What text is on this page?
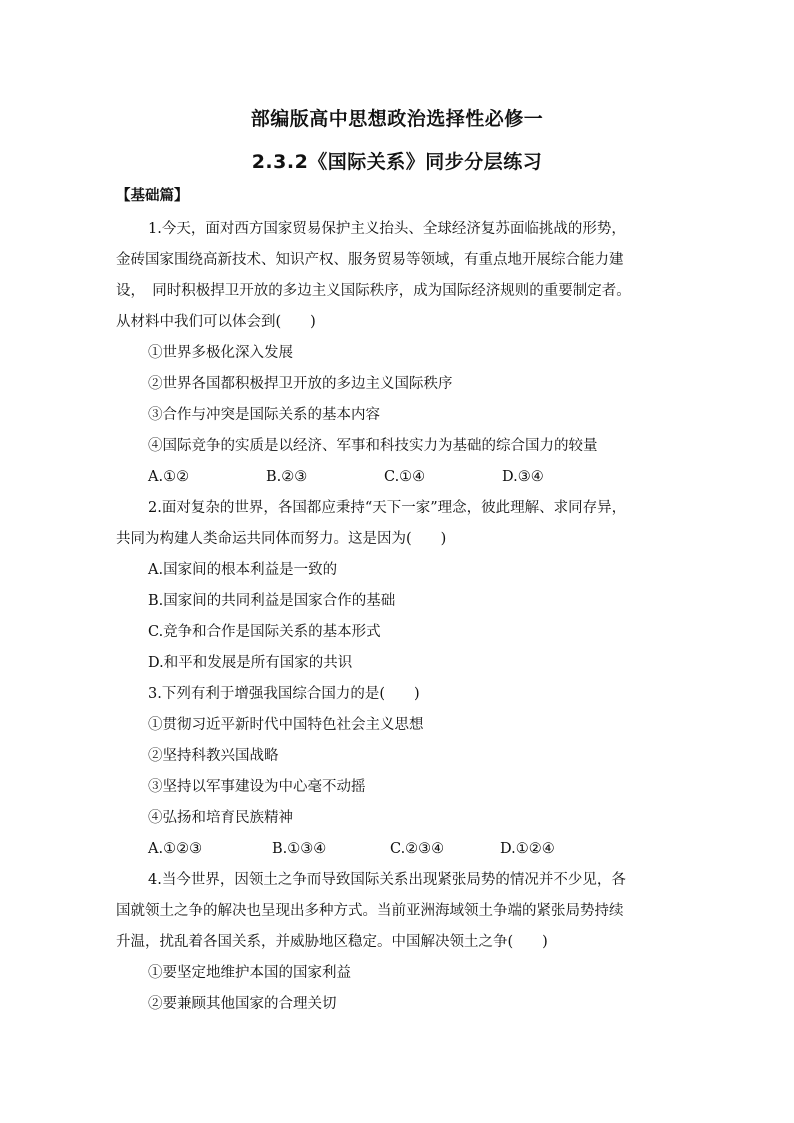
部编版高中思想政治选择性必修一
2.3.2《国际关系》同步分层练习
【基础篇】
1.今天，面对西方国家贸易保护主义抬头、全球经济复苏面临挑战的形势，
金砖国家围绕高新技术、知识产权、服务贸易等领域，有重点地开展综合能力建
设，　同时积极捍卫开放的多边主义国际秩序，成为国际经济规则的重要制定者。
从材料中我们可以体会到(　　)
①世界多极化深入发展
②世界各国都积极捍卫开放的多边主义国际秩序
③合作与冲突是国际关系的基本内容
④国际竞争的实质是以经济、军事和科技实力为基础的综合国力的较量
A.①②	B.②③	C.①④	D.③④
2.面对复杂的世界，各国都应秉持“天下一家”理念，彼此理解、求同存异，
共同为构建人类命运共同体而努力。这是因为(　　)
A.国家间的根本利益是一致的
B.国家间的共同利益是国家合作的基础
C.竞争和合作是国际关系的基本形式
D.和平和发展是所有国家的共识
3.下列有利于增强我国综合国力的是(　　)
①贯彻习近平新时代中国特色社会主义思想
②坚持科教兴国战略
③坚持以军事建设为中心毫不动摇
④弘扬和培育民族精神
A.①②③	B.①③④	C.②③④	D.①②④
4.当今世界，因领土之争而导致国际关系出现紧张局势的情况并不少见，各
国就领土之争的解决也呈现出多种方式。当前亚洲海域领土争端的紧张局势持续
升温，扰乱着各国关系，并威胁地区稳定。中国解决领土之争(　　)
①要坚定地维护本国的国家利益
②要兼顾其他国家的合理关切
